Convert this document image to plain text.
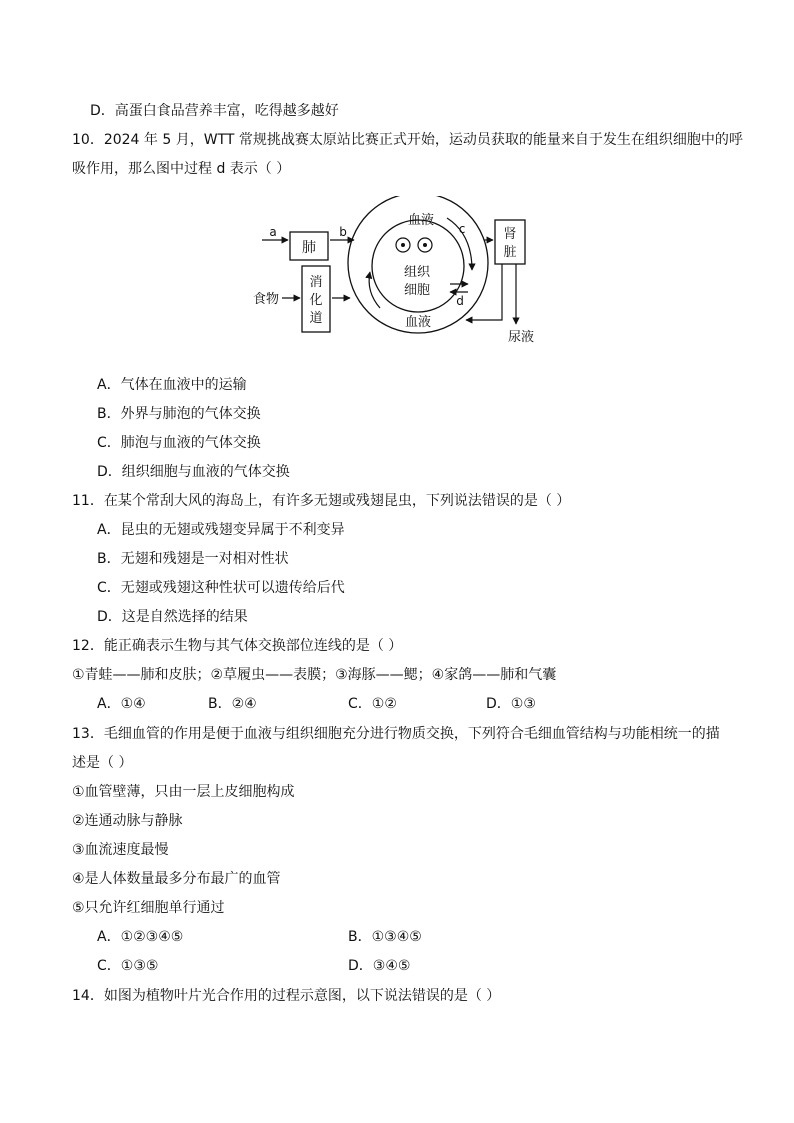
D．高蛋白食品营养丰富，吃得越多越好
10．2024 年 5 月，WTT 常规挑战赛太原站比赛正式开始，运动员获取的能量来自于发生在组织细胞中的呼
吸作用，那么图中过程 d 表示（ ）
肺
消
化
道
肾
脏
a	b
食物
血液
血液
组织
细胞
c
d
尿液
A．气体在血液中的运输
B．外界与肺泡的气体交换
C．肺泡与血液的气体交换
D．组织细胞与血液的气体交换
11．在某个常刮大风的海岛上，有许多无翅或残翅昆虫，下列说法错误的是（ ）
A．昆虫的无翅或残翅变异属于不利变异
B．无翅和残翅是一对相对性状
C．无翅或残翅这种性状可以遗传给后代
D．这是自然选择的结果
12．能正确表示生物与其气体交换部位连线的是（ ）
①青蛙——肺和皮肤；②草履虫——表膜；③海豚——鳃；④家鸽——肺和气囊
A．①④	B．②④	C．①②	D．①③
13．毛细血管的作用是便于血液与组织细胞充分进行物质交换，下列符合毛细血管结构与功能相统一的描
述是（ ）
①血管壁薄，只由一层上皮细胞构成
②连通动脉与静脉
③血流速度最慢
④是人体数量最多分布最广的血管
⑤只允许红细胞单行通过
A．①②③④⑤	B．①③④⑤
C．①③⑤	D．③④⑤
14．如图为植物叶片光合作用的过程示意图，以下说法错误的是（ ）
